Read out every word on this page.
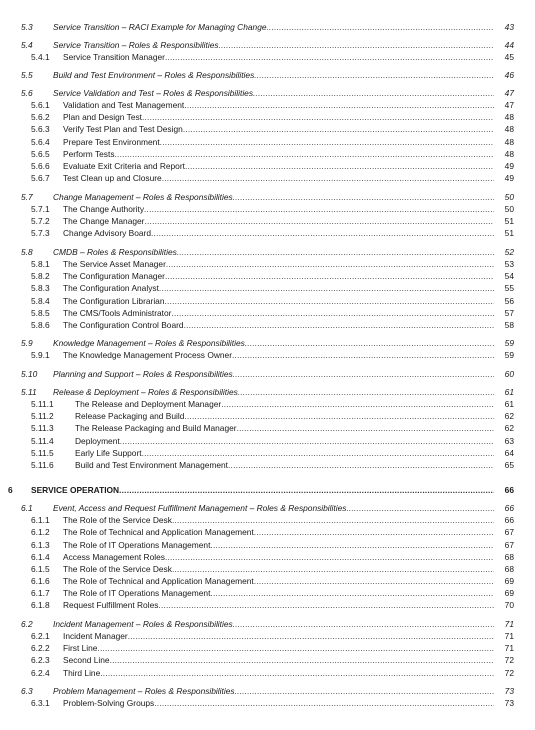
5.3 Service Transition – RACI Example for Managing Change .....	43
5.4 Service Transition – Roles & Responsibilities .....	44
5.4.1 Service Transition Manager .....	45
5.5 Build and Test Environment – Roles & Responsibilities .....	46
5.6 Service Validation and Test – Roles & Responsibilities .....	47
5.6.1 Validation and Test Management .....	47
5.6.2 Plan and Design Test .....	48
5.6.3 Verify Test Plan and Test Design .....	48
5.6.4 Prepare Test Environment .....	48
5.6.5 Perform Tests .....	48
5.6.6 Evaluate Exit Criteria and Report .....	49
5.6.7 Test Clean up and Closure .....	49
5.7 Change Management – Roles & Responsibilities .....	50
5.7.1 The Change Authority .....	50
5.7.2 The Change Manager .....	51
5.7.3 Change Advisory Board .....	51
5.8 CMDB – Roles & Responsibilities .....	52
5.8.1 The Service Asset Manager .....	53
5.8.2 The Configuration Manager .....	54
5.8.3 The Configuration Analyst .....	55
5.8.4 The Configuration Librarian .....	56
5.8.5 The CMS/Tools Administrator .....	57
5.8.6 The Configuration Control Board .....	58
5.9 Knowledge Management – Roles & Responsibilities .....	59
5.9.1 The Knowledge Management Process Owner .....	59
5.10 Planning and Support – Roles & Responsibilities .....	60
5.11 Release & Deployment – Roles & Responsibilities .....	61
5.11.1	The Release and Deployment Manager .....	61
5.11.2	Release Packaging and Build .....	62
5.11.3	The Release Packaging and Build Manager .....	62
5.11.4	Deployment .....	63
5.11.5	Early Life Support .....	64
5.11.6	Build and Test Environment Management .....	65
6 SERVICE OPERATION .....	66
6.1 Event, Access and Request Fulfillment Management – Roles & Responsibilities .....	66
6.1.1 The Role of the Service Desk .....	66
6.1.2 The Role of Technical and Application Management .....	67
6.1.3 The Role of IT Operations Management .....	67
6.1.4 Access Management Roles .....	68
6.1.5 The Role of the Service Desk .....	68
6.1.6 The Role of Technical and Application Management .....	69
6.1.7 The Role of IT Operations Management .....	69
6.1.8 Request Fulfillment Roles .....	70
6.2 Incident Management – Roles & Responsibilities .....	71
6.2.1 Incident Manager .....	71
6.2.2 First Line .....	71
6.2.3 Second Line .....	72
6.2.4 Third Line .....	72
6.3 Problem Management – Roles & Responsibilities .....	73
6.3.1 Problem-Solving Groups .....	73
